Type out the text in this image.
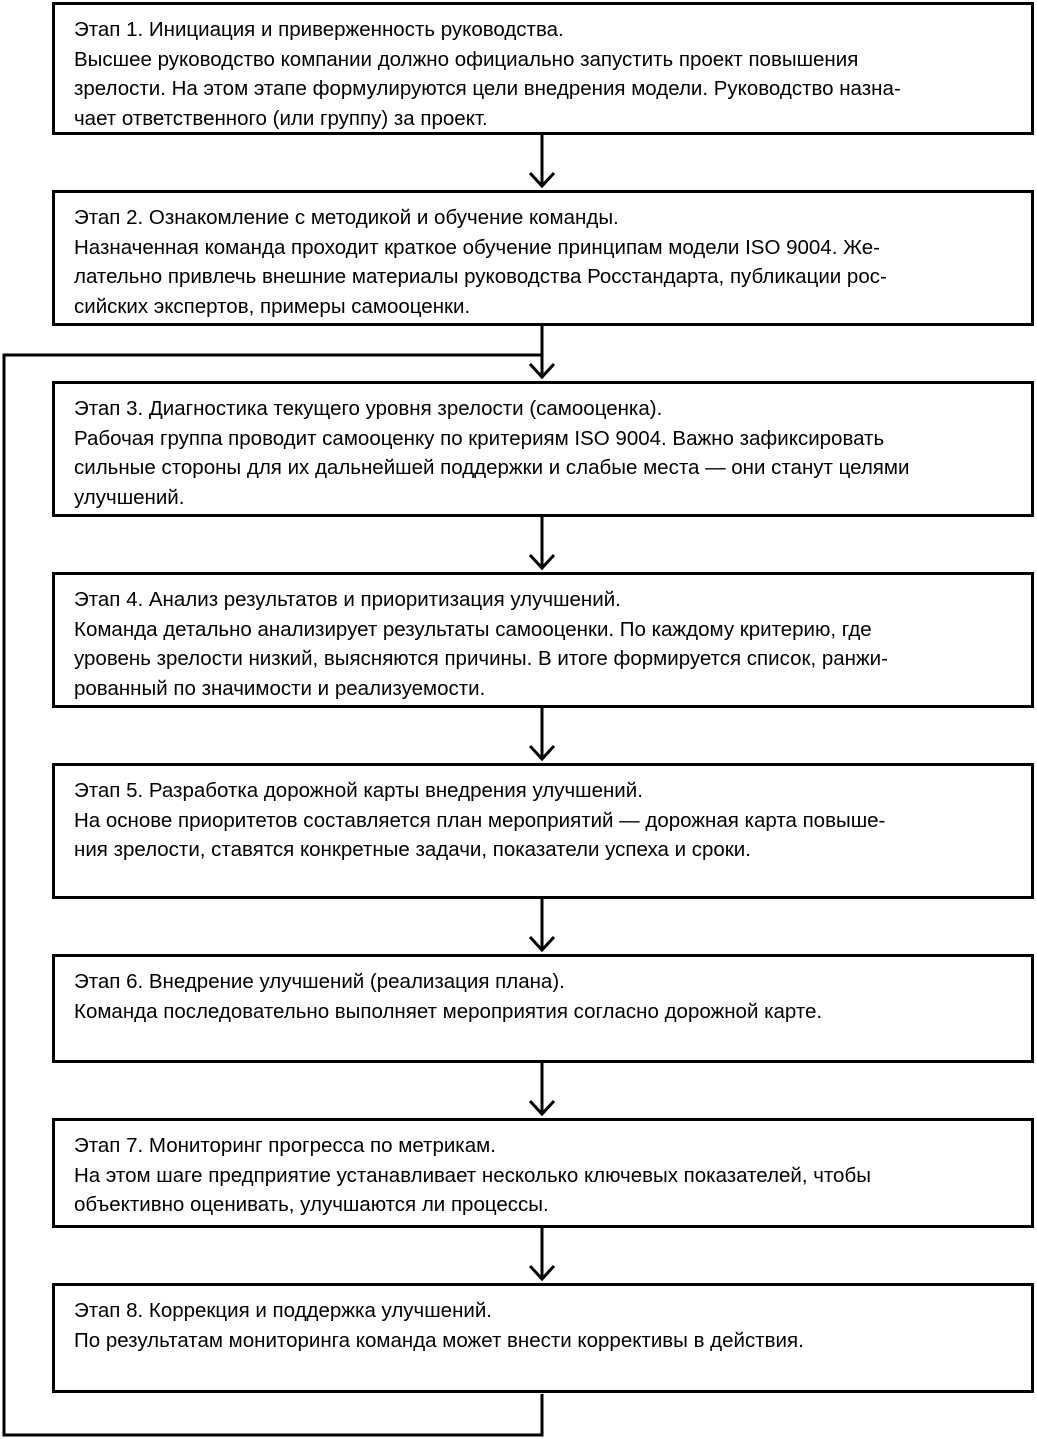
Этап 1. Инициация и приверженность руководства.
Высшее руководство компании должно официально запустить проект повышения
зрелости. На этом этапе формулируются цели внедрения модели. Руководство назна-
чает ответственного (или группу) за проект.
Этап 2. Ознакомление с методикой и обучение команды.
Назначенная команда проходит краткое обучение принципам модели ISO 9004. Же-
лательно привлечь внешние материалы руководства Росстандарта, публикации рос-
сийских экспертов, примеры самооценки.
Этап 3. Диагностика текущего уровня зрелости (самооценка).
Рабочая группа проводит самооценку по критериям ISO 9004. Важно зафиксировать
сильные стороны для их дальнейшей поддержки и слабые места — они станут целями
улучшений.
Этап 4. Анализ результатов и приоритизация улучшений.
Команда детально анализирует результаты самооценки. По каждому критерию, где
уровень зрелости низкий, выясняются причины. В итоге формируется список, ранжи-
рованный по значимости и реализуемости.
Этап 5. Разработка дорожной карты внедрения улучшений.
На основе приоритетов составляется план мероприятий — дорожная карта повыше-
ния зрелости, ставятся конкретные задачи, показатели успеха и сроки.
Этап 6. Внедрение улучшений (реализация плана).
Команда последовательно выполняет мероприятия согласно дорожной карте.
Этап 7. Мониторинг прогресса по метрикам.
На этом шаге предприятие устанавливает несколько ключевых показателей, чтобы
объективно оценивать, улучшаются ли процессы.
Этап 8. Коррекция и поддержка улучшений.
По результатам мониторинга команда может внести коррективы в действия.
